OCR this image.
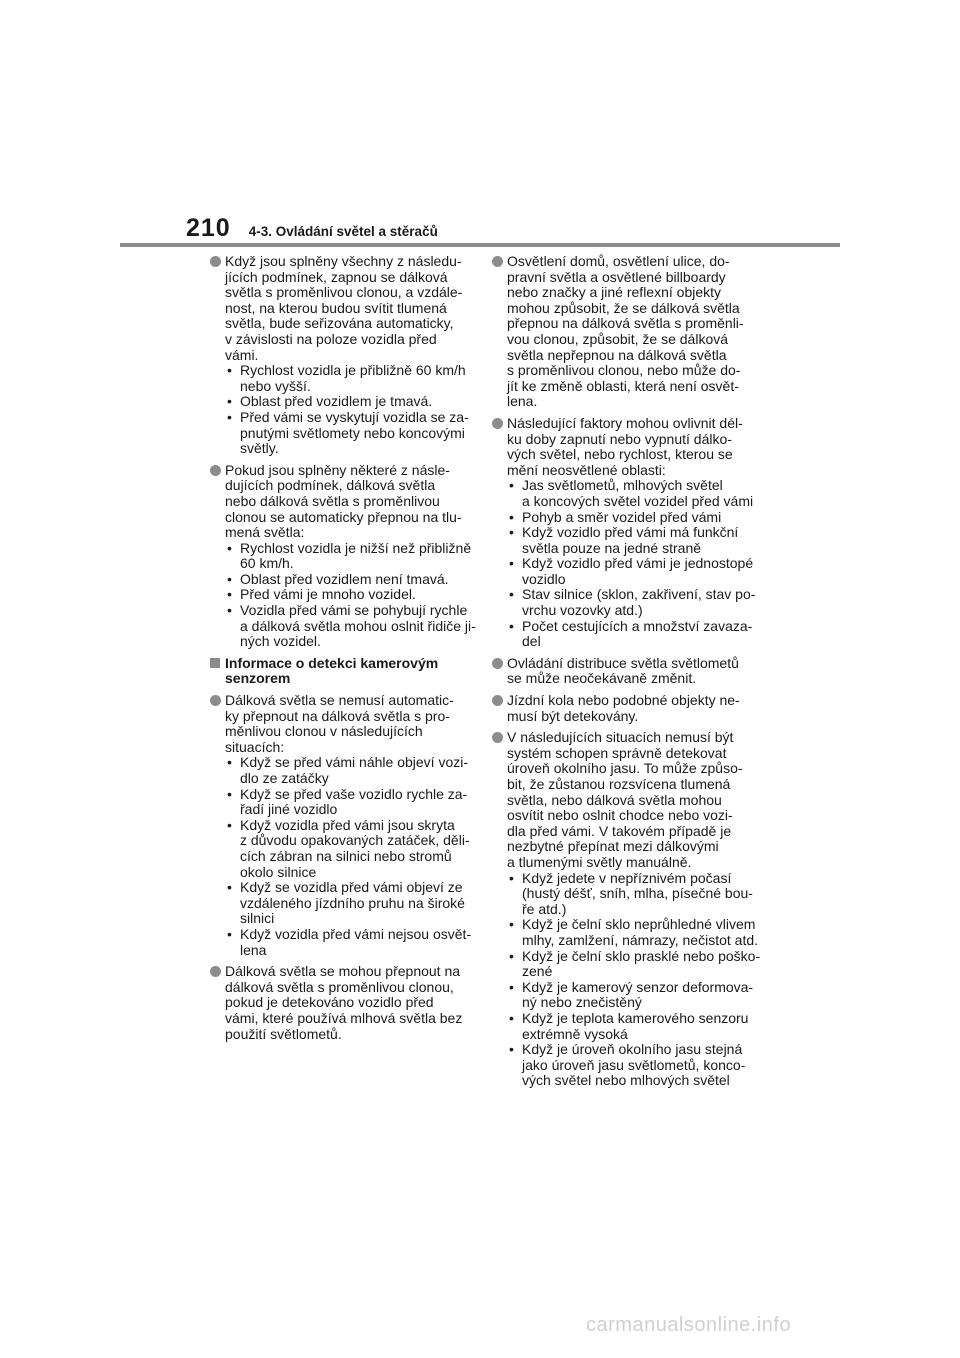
210 4-3. Ovládání světel a stěračů
Když jsou splněny všechny z následu-
jících podmínek, zapnou se dálková
světla s proměnlivou clonou, a vzdále-
nost, na kterou budou svítit tlumená
světla, bude seřizována automaticky,
v závislosti na poloze vozidla před
vámi.
• Rychlost vozidla je přibližně 60 km/h
nebo vyšší.
• Oblast před vozidlem je tmavá.
• Před vámi se vyskytují vozidla se za-
pnutými světlomety nebo koncovými
světly.
Pokud jsou splněny některé z násle-
dujících podmínek, dálková světla
nebo dálková světla s proměnlivou
clonou se automaticky přepnou na tlu-
mená světla:
• Rychlost vozidla je nižší než přibližně
60 km/h.
• Oblast před vozidlem není tmavá.
• Před vámi je mnoho vozidel.
• Vozidla před vámi se pohybují rychle
a dálková světla mohou oslnit řidiče ji-
ných vozidel.
Informace o detekci kamerovým
senzorem
Dálková světla se nemusí automatic-
ky přepnout na dálková světla s pro-
měnlivou clonou v následujících
situacích:
• Když se před vámi náhle objeví vozi-
dlo ze zatáčky
• Když se před vaše vozidlo rychle za-
řadí jiné vozidlo
• Když vozidla před vámi jsou skryta
z důvodu opakovaných zatáček, děli-
cích zábran na silnici nebo stromů
okolo silnice
• Když se vozidla před vámi objeví ze
vzdáleného jízdního pruhu na široké
silnici
• Když vozidla před vámi nejsou osvět-
lena
Dálková světla se mohou přepnout na
dálková světla s proměnlivou clonou,
pokud je detekováno vozidlo před
vámi, které používá mlhová světla bez
použití světlometů.
Osvětlení domů, osvětlení ulice, do-
pravní světla a osvětlené billboardy
nebo značky a jiné reflexní objekty
mohou způsobit, že se dálková světla
přepnou na dálková světla s proměnli-
vou clonou, způsobit, že se dálková
světla nepřepnou na dálková světla
s proměnlivou clonou, nebo může do-
jít ke změně oblasti, která není osvět-
lena.
Následující faktory mohou ovlivnit dél-
ku doby zapnutí nebo vypnutí dálko-
vých světel, nebo rychlost, kterou se
mění neosvětlené oblasti:
• Jas světlometů, mlhových světel
a koncových světel vozidel před vámi
• Pohyb a směr vozidel před vámi
• Když vozidlo před vámi má funkční
světla pouze na jedné straně
• Když vozidlo před vámi je jednostopé
vozidlo
• Stav silnice (sklon, zakřivení, stav po-
vrchu vozovky atd.)
• Počet cestujících a množství zavaza-
del
Ovládání distribuce světla světlometů
se může neočekávaně změnit.
Jízdní kola nebo podobné objekty ne-
musí být detekovány.
V následujících situacích nemusí být
systém schopen správně detekovat
úroveň okolního jasu. To může způso-
bit, že zůstanou rozsvícena tlumená
světla, nebo dálková světla mohou
osvítit nebo oslnit chodce nebo vozi-
dla před vámi. V takovém případě je
nezbytné přepínat mezi dálkovými
a tlumenými světly manuálně.
• Když jedete v nepříznivém počasí
(hustý déšť, sníh, mlha, písečné bou-
ře atd.)
• Když je čelní sklo neprůhledné vlivem
mlhy, zamlžení, námrazy, nečistot atd.
• Když je čelní sklo prasklé nebo poško-
zené
• Když je kamerový senzor deformova-
ný nebo znečistěný
• Když je teplota kamerového senzoru
extrémně vysoká
• Když je úroveň okolního jasu stejná
jako úroveň jasu světlometů, konco-
vých světel nebo mlhových světel
carmanualsonline.info
